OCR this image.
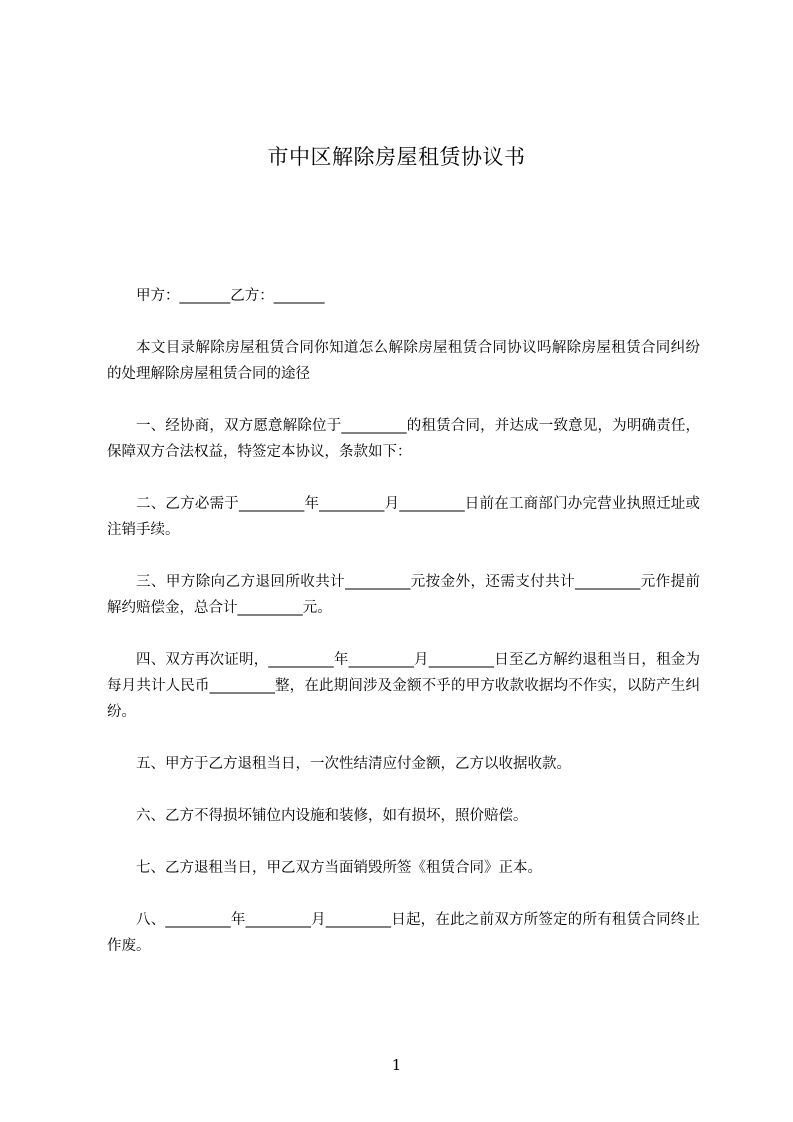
市中区解除房屋租赁协议书

甲方：_______乙方：_______

本文目录解除房屋租赁合同你知道怎么解除房屋租赁合同协议吗解除房屋租赁合同纠纷的处理解除房屋租赁合同的途径

一、经协商，双方愿意解除位于_________的租赁合同，并达成一致意见，为明确责任，保障双方合法权益，特签定本协议，条款如下：

二、乙方必需于_________年_________月_________日前在工商部门办完营业执照迁址或注销手续。

三、甲方除向乙方退回所收共计_________元按金外，还需支付共计_________元作提前解约赔偿金，总合计_________元。

四、双方再次证明，_________年_________月_________日至乙方解约退租当日，租金为每月共计人民币_________整，在此期间涉及金额不乎的甲方收款收据均不作实，以防产生纠纷。

五、甲方于乙方退租当日，一次性结清应付金额，乙方以收据收款。

六、乙方不得损坏铺位内设施和装修，如有损坏，照价赔偿。

七、乙方退租当日，甲乙双方当面销毁所签《租赁合同》正本。

八、_________年_________月_________日起，在此之前双方所签定的所有租赁合同终止作废。

1
